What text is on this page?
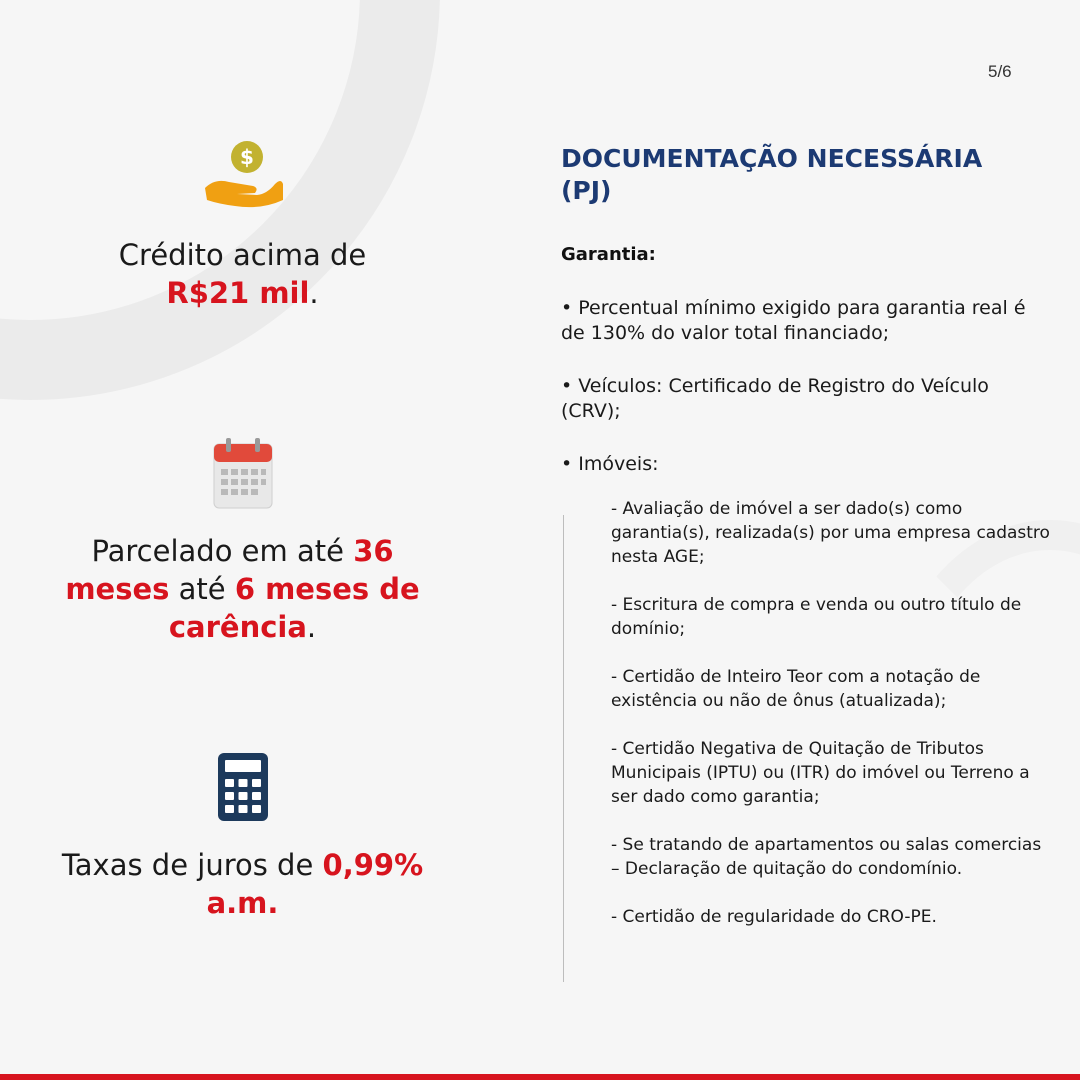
5/6
$
Crédito acima de
R$21 mil.
Parcelado em até 36 meses até 6 meses de carência.
Taxas de juros de 0,99% a.m.
DOCUMENTAÇÃO NECESSÁRIA (PJ)
Garantia:

• Percentual mínimo exigido para garantia real é de 130% do valor total financiado;

• Veículos: Certificado de Registro do Veículo (CRV);

• Imóveis:

- Avaliação de imóvel a ser dado(s) como garantia(s), realizada(s) por uma empresa cadastro nesta AGE;

- Escritura de compra e venda ou outro título de domínio;

- Certidão de Inteiro Teor com a notação de existência ou não de ônus (atualizada);

- Certidão Negativa de Quitação de Tributos Municipais (IPTU) ou (ITR) do imóvel ou Terreno a ser dado como garantia;

- Se tratando de apartamentos ou salas comercias – Declaração de quitação do condomínio.

- Certidão de regularidade do CRO-PE.
